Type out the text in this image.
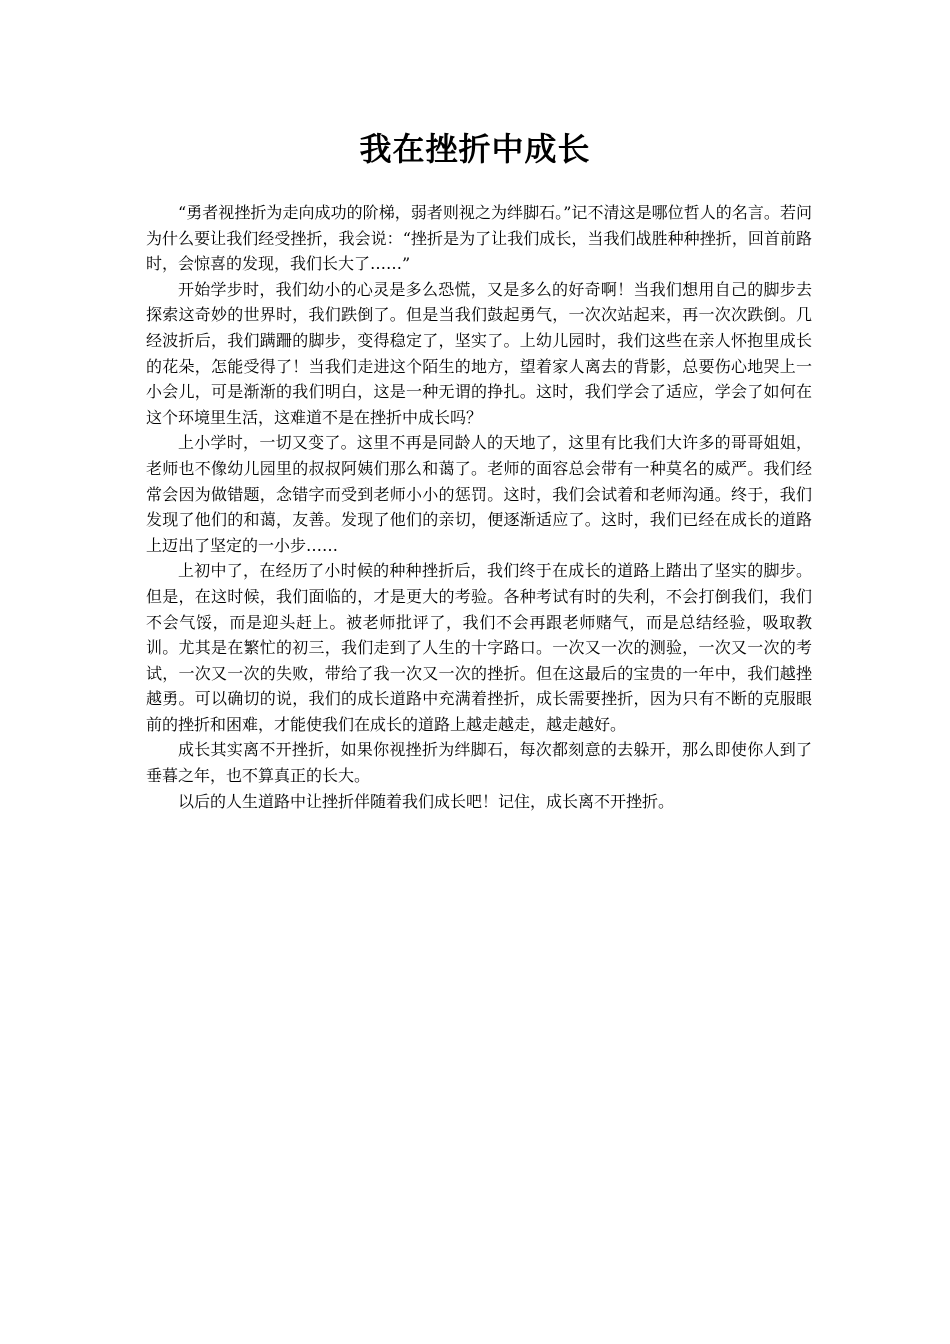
我在挫折中成长

“勇者视挫折为走向成功的阶梯，弱者则视之为绊脚石。”记不清这是哪位哲人的名言。若问为什么要让我们经受挫折，我会说：“挫折是为了让我们成长，当我们战胜种种挫折，回首前路时，会惊喜的发现，我们长大了……”

开始学步时，我们幼小的心灵是多么恐慌，又是多么的好奇啊！当我们想用自己的脚步去探索这奇妙的世界时，我们跌倒了。但是当我们鼓起勇气，一次次站起来，再一次次跌倒。几经波折后，我们蹒跚的脚步，变得稳定了，坚实了。上幼儿园时，我们这些在亲人怀抱里成长的花朵，怎能受得了！当我们走进这个陌生的地方，望着家人离去的背影，总要伤心地哭上一小会儿，可是渐渐的我们明白，这是一种无谓的挣扎。这时，我们学会了适应，学会了如何在这个环境里生活，这难道不是在挫折中成长吗？

上小学时，一切又变了。这里不再是同龄人的天地了，这里有比我们大许多的哥哥姐姐，老师也不像幼儿园里的叔叔阿姨们那么和蔼了。老师的面容总会带有一种莫名的威严。我们经常会因为做错题，念错字而受到老师小小的惩罚。这时，我们会试着和老师沟通。终于，我们发现了他们的和蔼，友善。发现了他们的亲切，便逐渐适应了。这时，我们已经在成长的道路上迈出了坚定的一小步……

上初中了，在经历了小时候的种种挫折后，我们终于在成长的道路上踏出了坚实的脚步。但是，在这时候，我们面临的，才是更大的考验。各种考试有时的失利，不会打倒我们，我们不会气馁，而是迎头赶上。被老师批评了，我们不会再跟老师赌气，而是总结经验，吸取教训。尤其是在繁忙的初三，我们走到了人生的十字路口。一次又一次的测验，一次又一次的考试，一次又一次的失败，带给了我一次又一次的挫折。但在这最后的宝贵的一年中，我们越挫越勇。可以确切的说，我们的成长道路中充满着挫折，成长需要挫折，因为只有不断的克服眼前的挫折和困难，才能使我们在成长的道路上越走越走，越走越好。

成长其实离不开挫折，如果你视挫折为绊脚石，每次都刻意的去躲开，那么即使你人到了垂暮之年，也不算真正的长大。

以后的人生道路中让挫折伴随着我们成长吧！记住，成长离不开挫折。
